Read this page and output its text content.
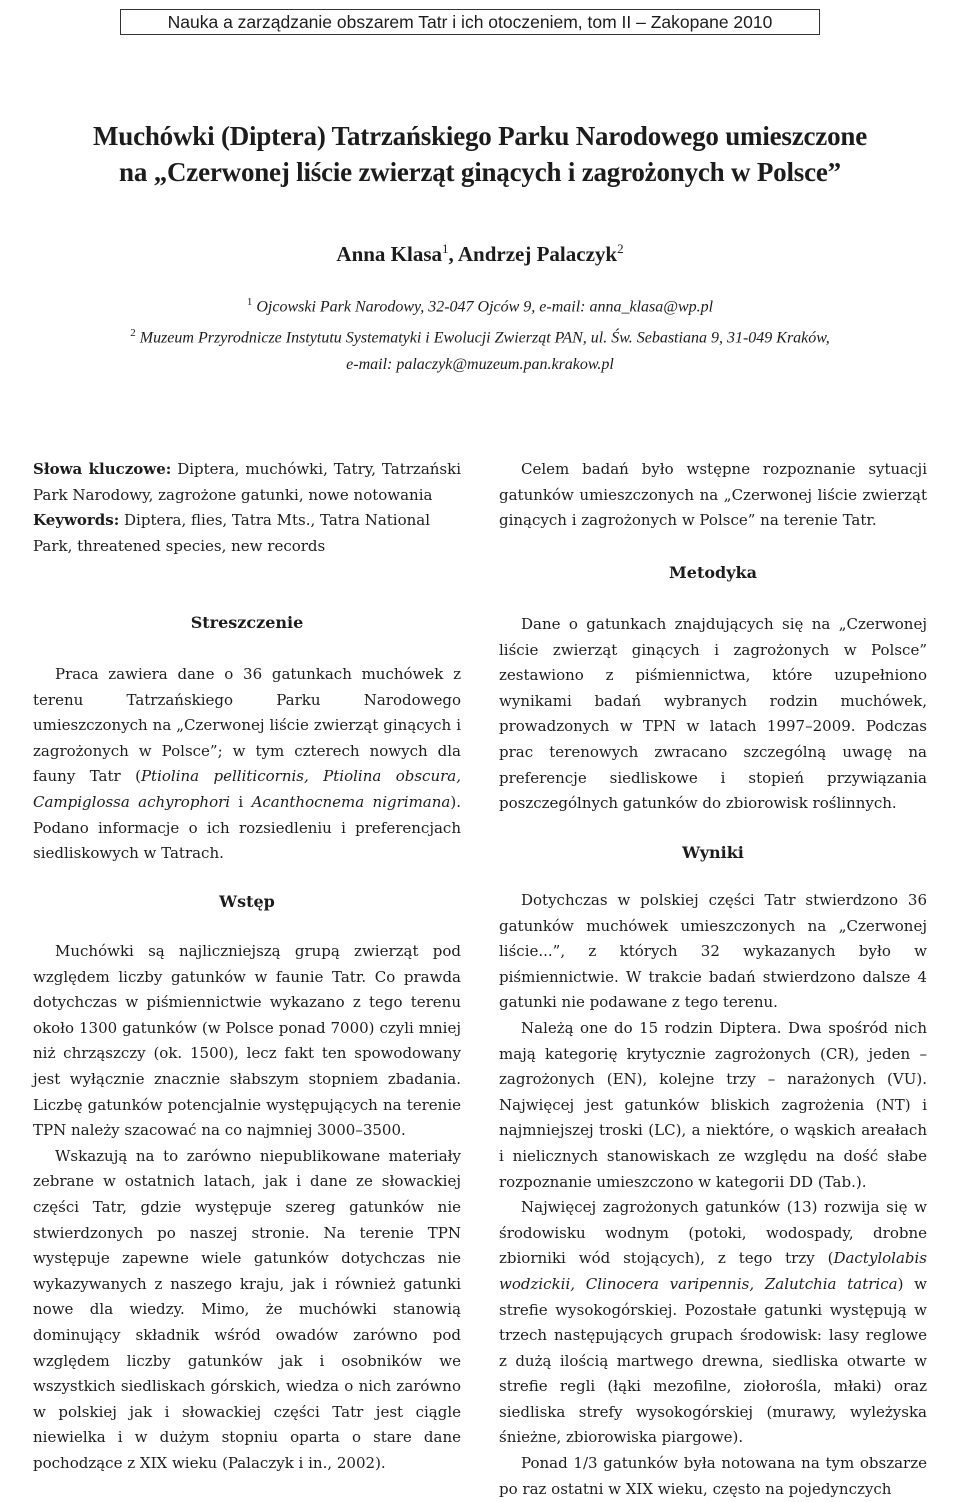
Nauka a zarządzanie obszarem Tatr i ich otoczeniem, tom II – Zakopane 2010
Muchówki (Diptera) Tatrzańskiego Parku Narodowego umieszczone
na „Czerwonej liście zwierząt ginących i zagrożonych w Polsce”
Anna Klasa$^1$, Andrzej Palaczyk$^2$
$^1$ Ojcowski Park Narodowy, 32-047 Ojców 9, e-mail: anna_klasa@wp.pl
$^2$ Muzeum Przyrodnicze Instytutu Systematyki i Ewolucji Zwierząt PAN, ul. Św. Sebastiana 9, 31-049 Kraków,
e-mail: palaczyk@muzeum.pan.krakow.pl

Słowa kluczowe: Diptera, muchówki, Tatry, Tatrzański Park Narodowy, zagrożone gatunki, nowe notowania

Keywords: Diptera, flies, Tatra Mts., Tatra National Park, threatened species, new records

Streszczenie

Praca zawiera dane o 36 gatunkach muchówek z terenu Tatrzańskiego Parku Narodowego umieszczonych na „Czerwonej liście zwierząt ginących i zagrożonych w Polsce”; w tym czterech nowych dla fauny Tatr (Ptiolina pelliticornis, Ptiolina obscura, Campiglossa achyrophori i Acanthocnema nigrimana). Podano informacje o ich rozsiedleniu i preferencjach siedliskowych w Tatrach.

Wstęp

Muchówki są najliczniejszą grupą zwierząt pod względem liczby gatunków w faunie Tatr. Co prawda dotychczas w piśmiennictwie wykazano z tego terenu około 1300 gatunków (w Polsce ponad 7000) czyli mniej niż chrząszczy (ok. 1500), lecz fakt ten spowodowany jest wyłącznie znacznie słabszym stopniem zbadania. Liczbę gatunków potencjalnie występujących na terenie TPN należy szacować na co najmniej 3000–3500.

Wskazują na to zarówno niepublikowane materiały zebrane w ostatnich latach, jak i dane ze słowackiej części Tatr, gdzie występuje szereg gatunków nie stwierdzonych po naszej stronie. Na terenie TPN występuje zapewne wiele gatunków dotychczas nie wykazywanych z naszego kraju, jak i również gatunki nowe dla wiedzy. Mimo, że muchówki stanowią dominujący składnik wśród owadów zarówno pod względem liczby gatunków jak i osobników we wszystkich siedliskach górskich, wiedza o nich zarówno w polskiej jak i słowackiej części Tatr jest ciągle niewielka i w dużym stopniu oparta o stare dane pochodzące z XIX wieku (Palaczyk i in., 2002).

Celem badań było wstępne rozpoznanie sytuacji gatunków umieszczonych na „Czerwonej liście zwierząt ginących i zagrożonych w Polsce” na terenie Tatr.

Metodyka

Dane o gatunkach znajdujących się na „Czerwonej liście zwierząt ginących i zagrożonych w Polsce” zestawiono z piśmiennictwa, które uzupełniono wynikami badań wybranych rodzin muchówek, prowadzonych w TPN w latach 1997–2009. Podczas prac terenowych zwracano szczególną uwagę na preferencje siedliskowe i stopień przywiązania poszczególnych gatunków do zbiorowisk roślinnych.

Wyniki

Dotychczas w polskiej części Tatr stwierdzono 36 gatunków muchówek umieszczonych na „Czerwonej liście...”, z których 32 wykazanych było w piśmiennictwie. W trakcie badań stwierdzono dalsze 4 gatunki nie podawane z tego terenu.

Należą one do 15 rodzin Diptera. Dwa spośród nich mają kategorię krytycznie zagrożonych (CR), jeden – zagrożonych (EN), kolejne trzy – narażonych (VU). Najwięcej jest gatunków bliskich zagrożenia (NT) i najmniejszej troski (LC), a niektóre, o wąskich areałach i nielicznych stanowiskach ze względu na dość słabe rozpoznanie umieszczono w kategorii DD (Tab.).

Najwięcej zagrożonych gatunków (13) rozwija się w środowisku wodnym (potoki, wodospady, drobne zbiorniki wód stojących), z tego trzy (Dactylolabis wodzickii, Clinocera varipennis, Zalutchia tatrica) w strefie wysokogórskiej. Pozostałe gatunki występują w trzech następujących grupach środowisk: lasy reglowe z dużą ilością martwego drewna, siedliska otwarte w strefie regli (łąki mezofilne, ziołorośla, młaki) oraz siedliska strefy wysokogórskiej (murawy, wyleżyska śnieżne, zbiorowiska piargowe).

Ponad 1/3 gatunków była notowana na tym obszarze po raz ostatni w XIX wieku, często na pojedynczych
